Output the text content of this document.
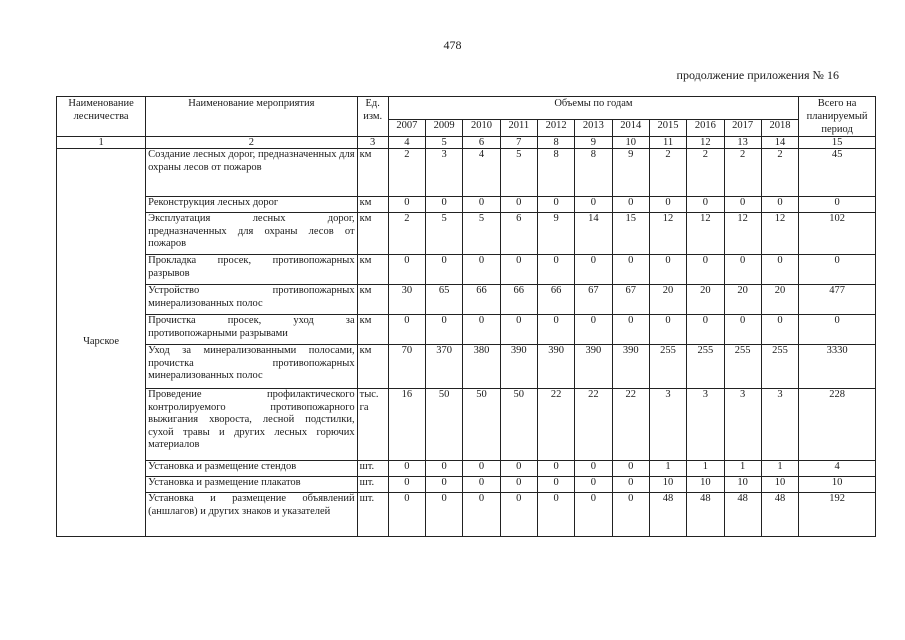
478
продолжение приложения № 16
Наименование лесничества	Наименование мероприятия	Ед. изм.	Объемы по годам											Всего на планируемый период
			2007	2009	2010	2011	2012	2013	2014	2015	2016	2017	2018	
1	2	3	4	5	6	7	8	9	10	11	12	13	14	15
Чарское	Создание лесных дорог, предназначенных для охраны лесов от пожаров	км	2	3	4	5	8	8	9	2	2	2	2	45
	Реконструкция лесных дорог	км	0	0	0	0	0	0	0	0	0	0	0	0
	Эксплуатация лесных дорог, предназначенных для охраны лесов от пожаров	км	2	5	5	6	9	14	15	12	12	12	12	102
	Прокладка просек, противопожарных разрывов	км	0	0	0	0	0	0	0	0	0	0	0	0
	Устройство противопожарных минерализованных полос	км	30	65	66	66	66	67	67	20	20	20	20	477
	Прочистка просек, уход за противопожарными разрывами	км	0	0	0	0	0	0	0	0	0	0	0	0
	Уход за минерализованными полосами, прочистка противопожарных минерализованных полос	км	70	370	380	390	390	390	390	255	255	255	255	3330
	Проведение профилактического контролируемого противопожарного выжигания хвороста, лесной подстилки, сухой травы и других лесных горючих материалов	тыс. га	16	50	50	50	22	22	22	3	3	3	3	228
	Установка и размещение стендов	шт.	0	0	0	0	0	0	0	1	1	1	1	4
	Установка и размещение плакатов	шт.	0	0	0	0	0	0	0	10	10	10	10	10
	Установка и размещение объявлений (аншлагов) и других знаков и указателей	шт.	0	0	0	0	0	0	0	48	48	48	48	192
